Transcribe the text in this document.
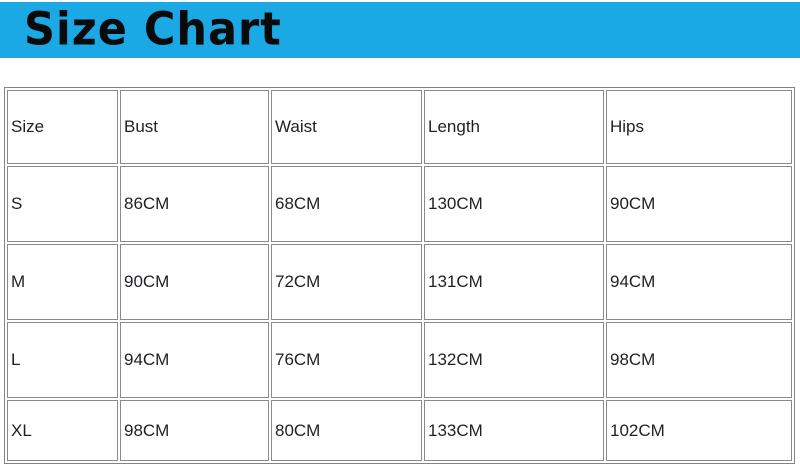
Size Chart
Size	Bust	Waist	Length	Hips
S	86CM	68CM	130CM	90CM
M	90CM	72CM	131CM	94CM
L	94CM	76CM	132CM	98CM
XL	98CM	80CM	133CM	102CM
